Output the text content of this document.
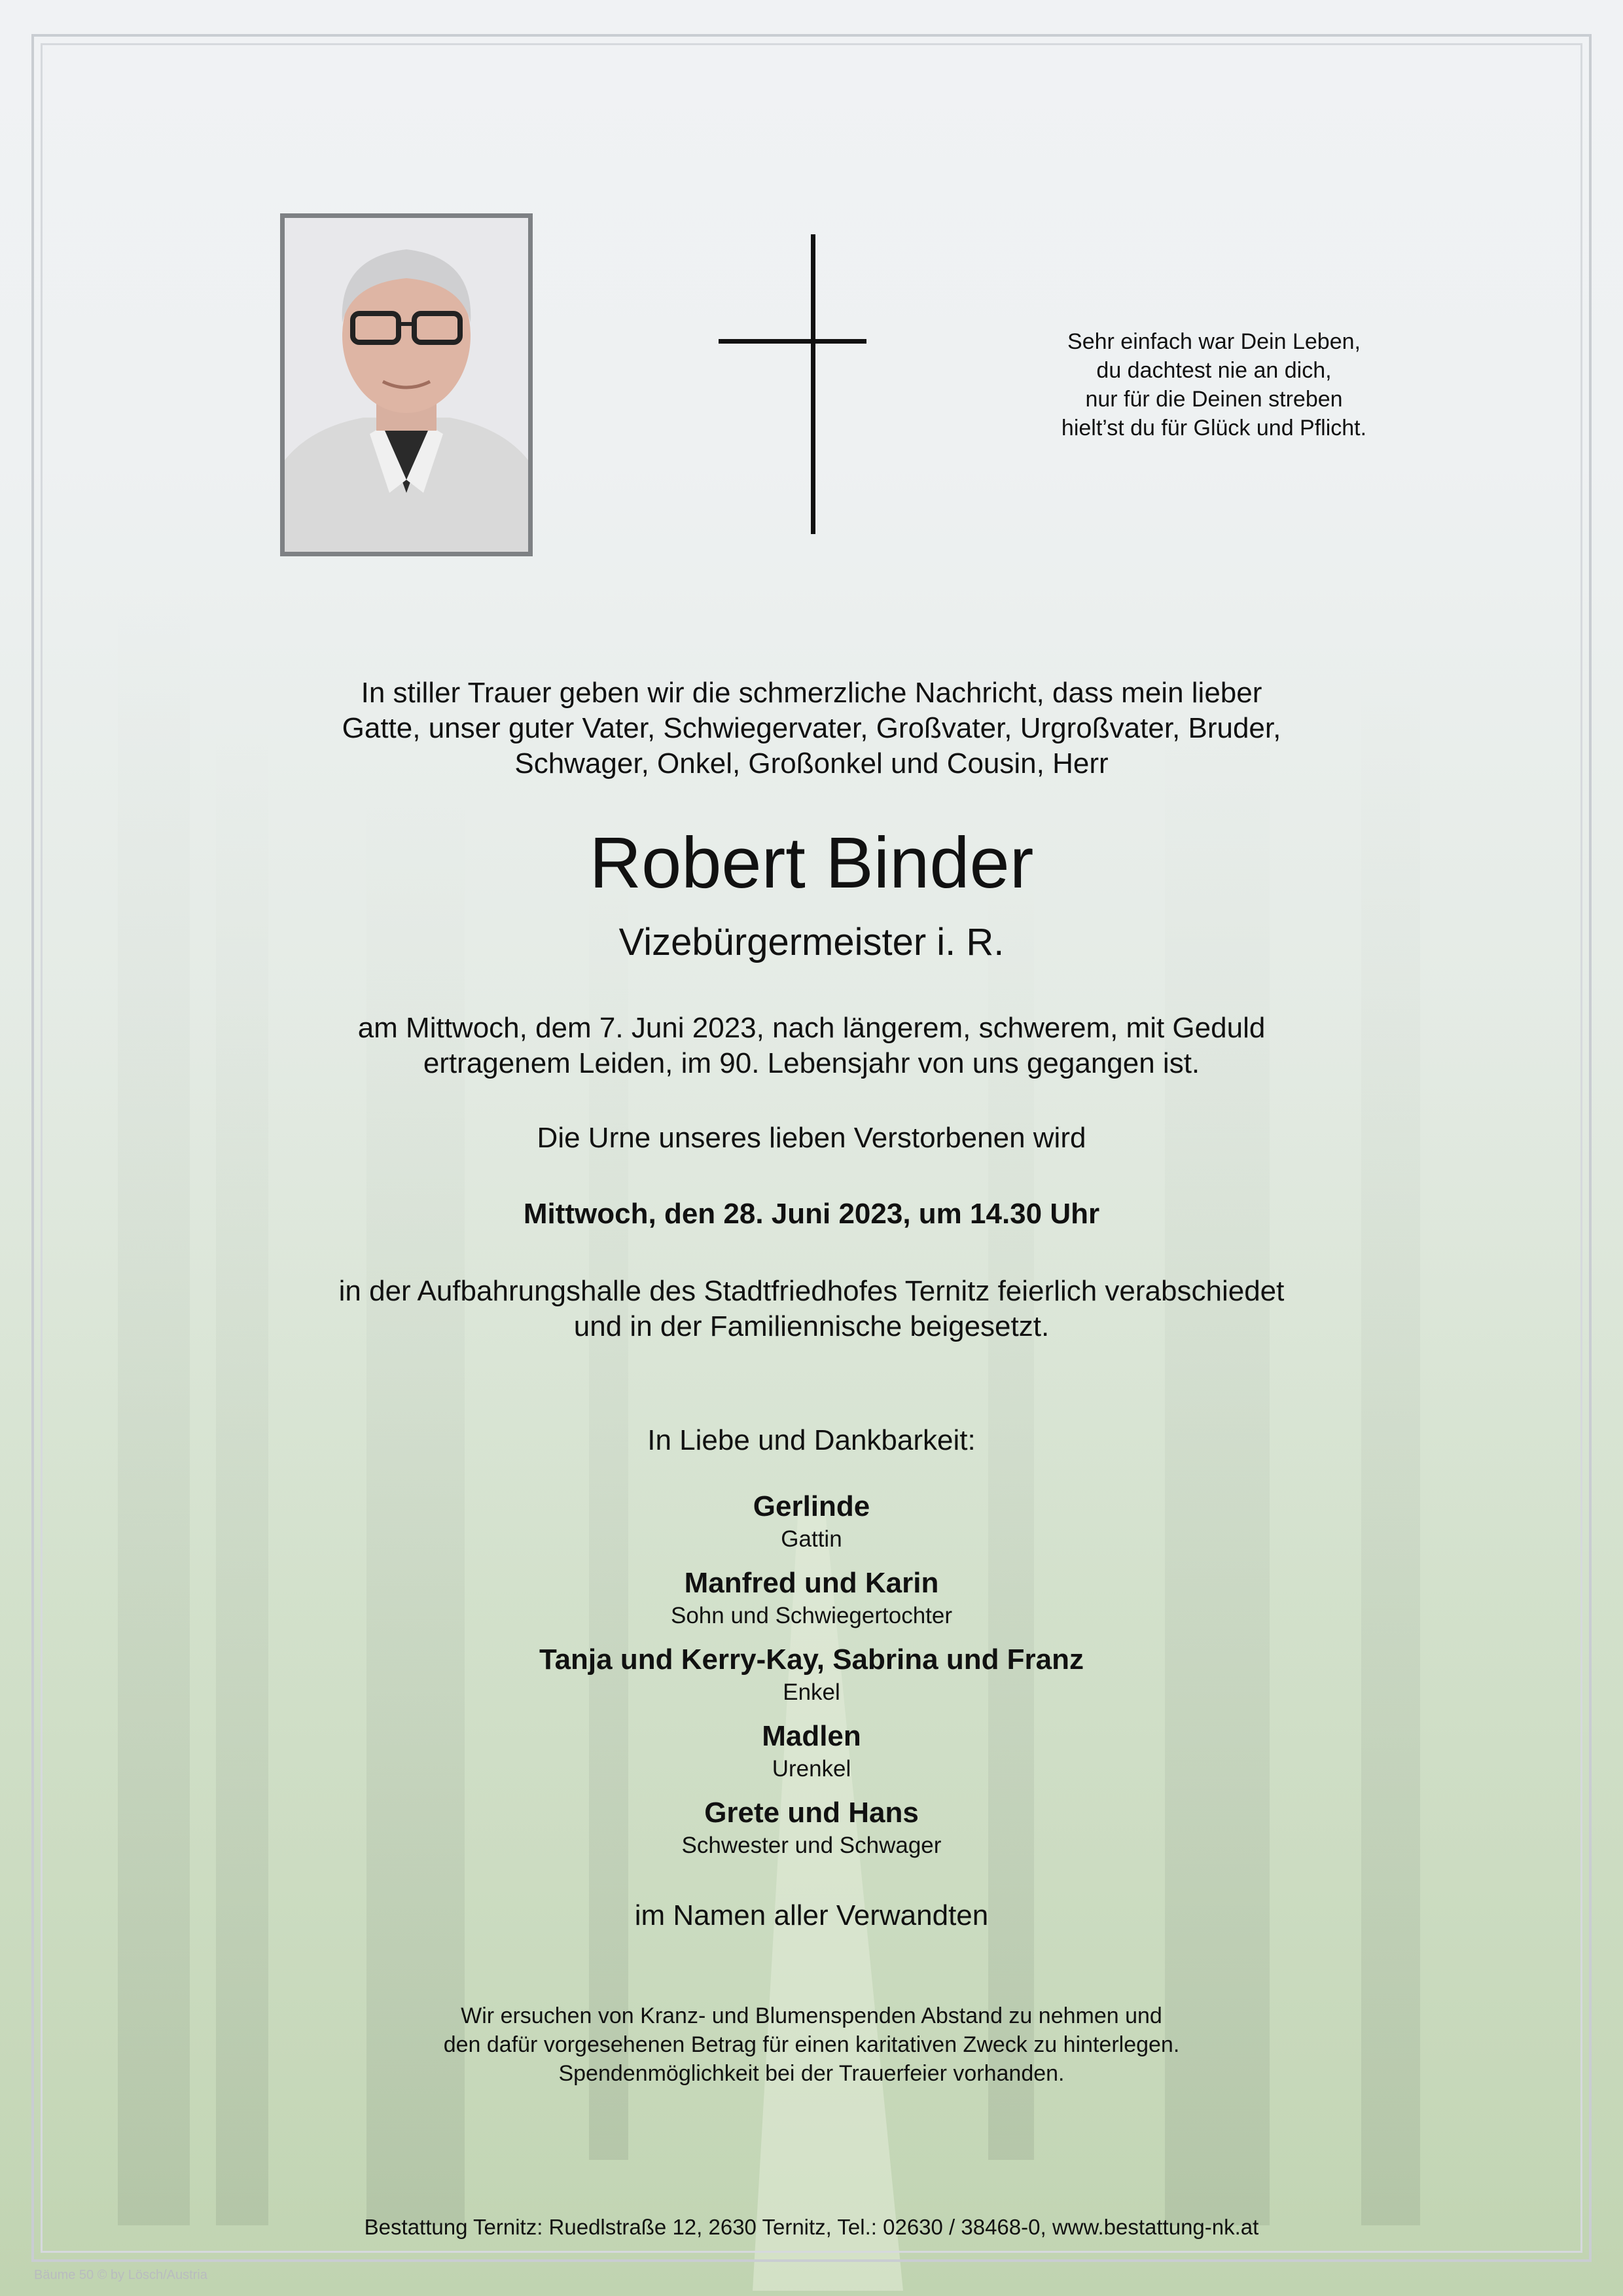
Sehr einfach war Dein Leben,
du dachtest nie an dich,
nur für die Deinen streben
hielt’st du für Glück und Pflicht.
In stiller Trauer geben wir die schmerzliche Nachricht, dass mein lieber
Gatte, unser guter Vater, Schwiegervater, Großvater, Urgroßvater, Bruder,
Schwager, Onkel, Großonkel und Cousin, Herr
Robert Binder
Vizebürgermeister i. R.
am Mittwoch, dem 7. Juni 2023, nach längerem, schwerem, mit Geduld
ertragenem Leiden, im 90. Lebensjahr von uns gegangen ist.
Die Urne unseres lieben Verstorbenen wird
Mittwoch, den 28. Juni 2023, um 14.30 Uhr
in der Aufbahrungshalle des Stadtfriedhofes Ternitz feierlich verabschiedet
und in der Familiennische beigesetzt.
In Liebe und Dankbarkeit:
Gerlinde
Gattin
Manfred und Karin
Sohn und Schwiegertochter
Tanja und Kerry-Kay, Sabrina und Franz
Enkel
Madlen
Urenkel
Grete und Hans
Schwester und Schwager
im Namen aller Verwandten
Wir ersuchen von Kranz- und Blumenspenden Abstand zu nehmen und
den dafür vorgesehenen Betrag für einen karitativen Zweck zu hinterlegen.
Spendenmöglichkeit bei der Trauerfeier vorhanden.
Bestattung Ternitz: Ruedlstraße 12, 2630 Ternitz, Tel.: 02630 / 38468-0, www.bestattung-nk.at
Bäume 50 © by Lösch/Austria
